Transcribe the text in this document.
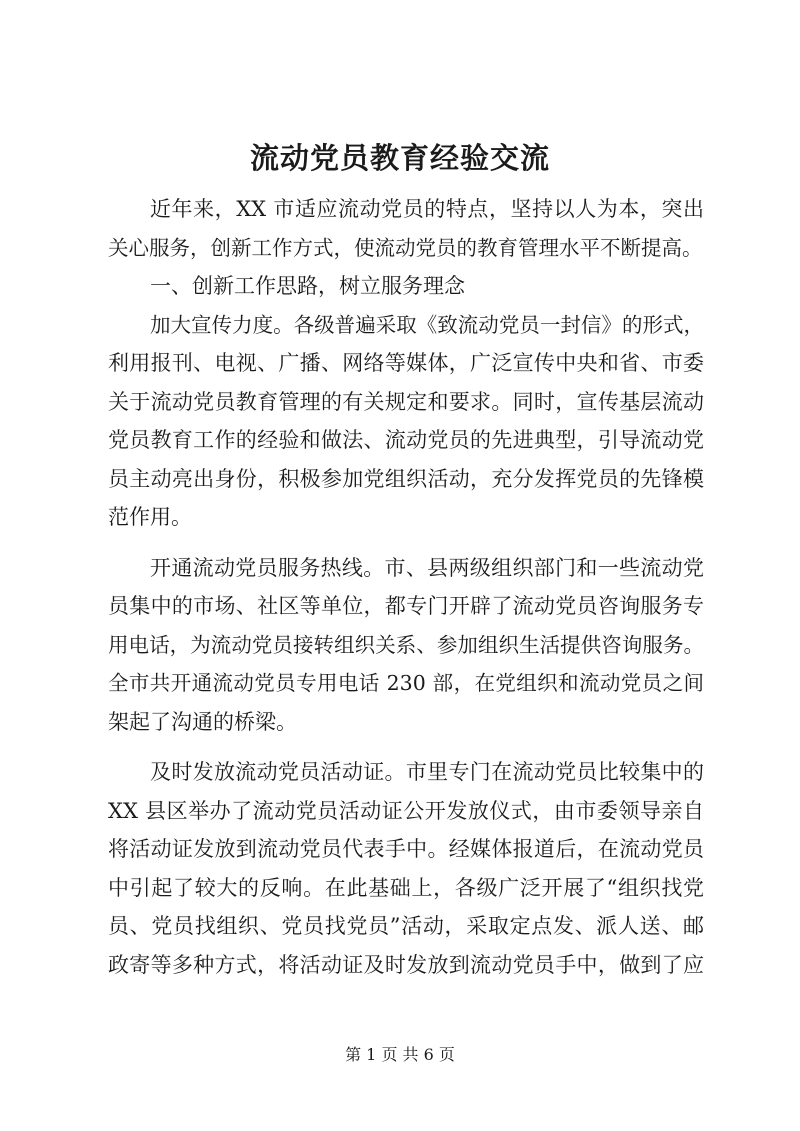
流动党员教育经验交流
近年来，XX 市适应流动党员的特点，坚持以人为本，突出
关心服务，创新工作方式，使流动党员的教育管理水平不断提高。
一、创新工作思路，树立服务理念
加大宣传力度。各级普遍采取《致流动党员一封信》的形式，
利用报刊、电视、广播、网络等媒体，广泛宣传中央和省、市委
关于流动党员教育管理的有关规定和要求。同时，宣传基层流动
党员教育工作的经验和做法、流动党员的先进典型，引导流动党
员主动亮出身份，积极参加党组织活动，充分发挥党员的先锋模
范作用。
开通流动党员服务热线。市、县两级组织部门和一些流动党
员集中的市场、社区等单位，都专门开辟了流动党员咨询服务专
用电话，为流动党员接转组织关系、参加组织生活提供咨询服务。
全市共开通流动党员专用电话 230 部，在党组织和流动党员之间
架起了沟通的桥梁。
及时发放流动党员活动证。市里专门在流动党员比较集中的
XX 县区举办了流动党员活动证公开发放仪式，由市委领导亲自
将活动证发放到流动党员代表手中。经媒体报道后，在流动党员
中引起了较大的反响。在此基础上，各级广泛开展了“组织找党
员、党员找组织、党员找党员”活动，采取定点发、派人送、邮
政寄等多种方式，将活动证及时发放到流动党员手中，做到了应
第 1 页 共 6 页
